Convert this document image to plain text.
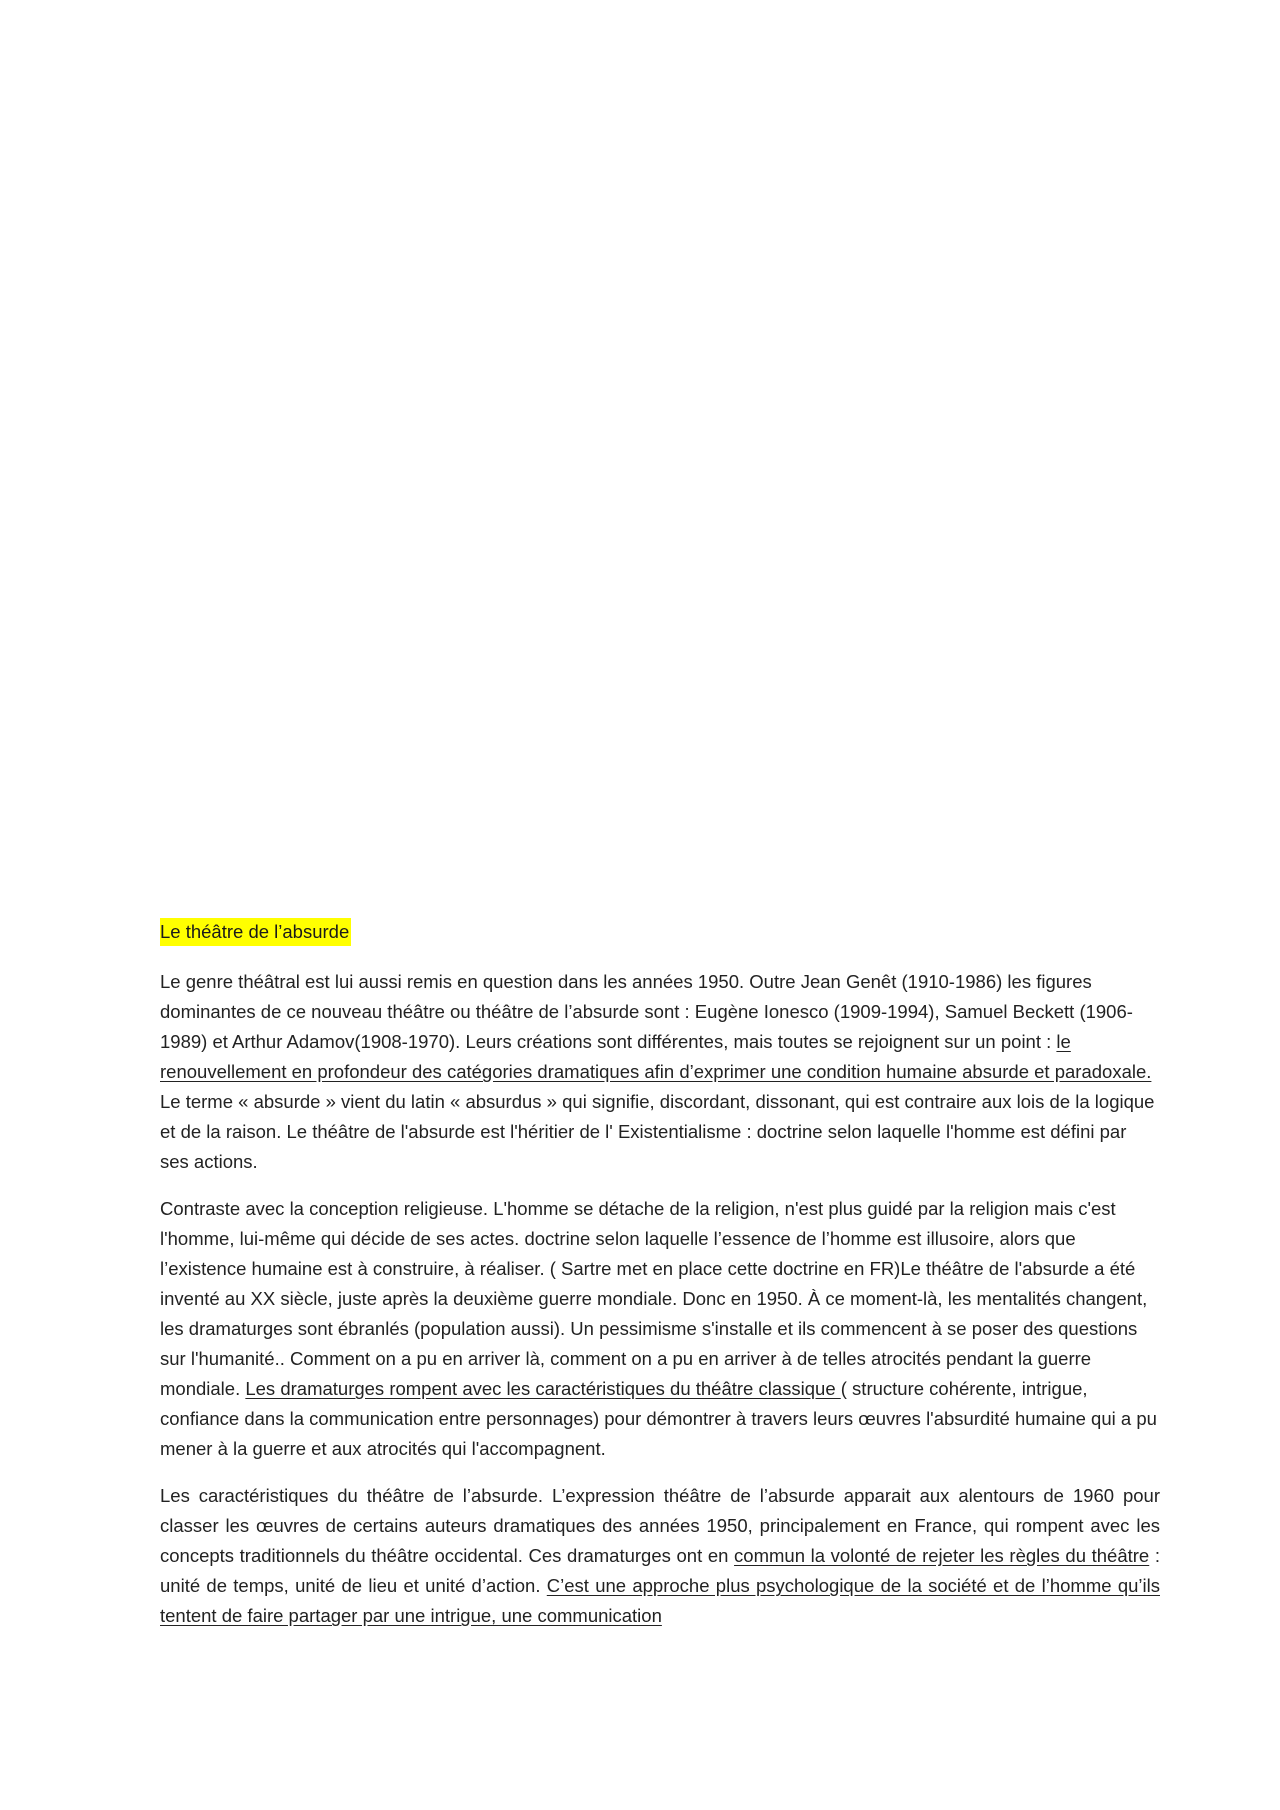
Le théâtre de l’absurde

Le genre théâtral est lui aussi remis en question dans les années 1950. Outre Jean Genêt (1910-1986) les figures dominantes de ce nouveau théâtre ou théâtre de l’absurde sont : Eugène Ionesco (1909-1994), Samuel Beckett (1906-1989) et Arthur Adamov(1908-1970). Leurs créations sont différentes, mais toutes se rejoignent sur un point : le renouvellement en profondeur des catégories dramatiques afin d’exprimer une condition humaine absurde et paradoxale. Le terme « absurde » vient du latin « absurdus » qui signifie, discordant, dissonant, qui est contraire aux lois de la logique et de la raison. Le théâtre de l'absurde est l'héritier de l' Existentialisme : doctrine selon laquelle l'homme est défini par ses actions.

Contraste avec la conception religieuse. L'homme se détache de la religion, n'est plus guidé par la religion mais c'est l'homme, lui-même qui décide de ses actes. doctrine selon laquelle l’essence de l’homme est illusoire, alors que l’existence humaine est à construire, à réaliser. ( Sartre met en place cette doctrine en FR)Le théâtre de l'absurde a été inventé au XX siècle, juste après la deuxième guerre mondiale. Donc en 1950. À ce moment-là, les mentalités changent, les dramaturges sont ébranlés (population aussi). Un pessimisme s'installe et ils commencent à se poser des questions sur l'humanité.. Comment on a pu en arriver là, comment on a pu en arriver à de telles atrocités pendant la guerre mondiale. Les dramaturges rompent avec les caractéristiques du théâtre classique ( structure cohérente, intrigue, confiance dans la communication entre personnages) pour démontrer à travers leurs œuvres l'absurdité humaine qui a pu mener à la guerre et aux atrocités qui l'accompagnent.

Les caractéristiques du théâtre de l’absurde. L’expression théâtre de l’absurde apparait aux alentours de 1960 pour classer les œuvres de certains auteurs dramatiques des années 1950, principalement en France, qui rompent avec les concepts traditionnels du théâtre occidental. Ces dramaturges ont en commun la volonté de rejeter les règles du théâtre : unité de temps, unité de lieu et unité d’action. C’est une approche plus psychologique de la société et de l’homme qu’ils tentent de faire partager par une intrigue, une communication
